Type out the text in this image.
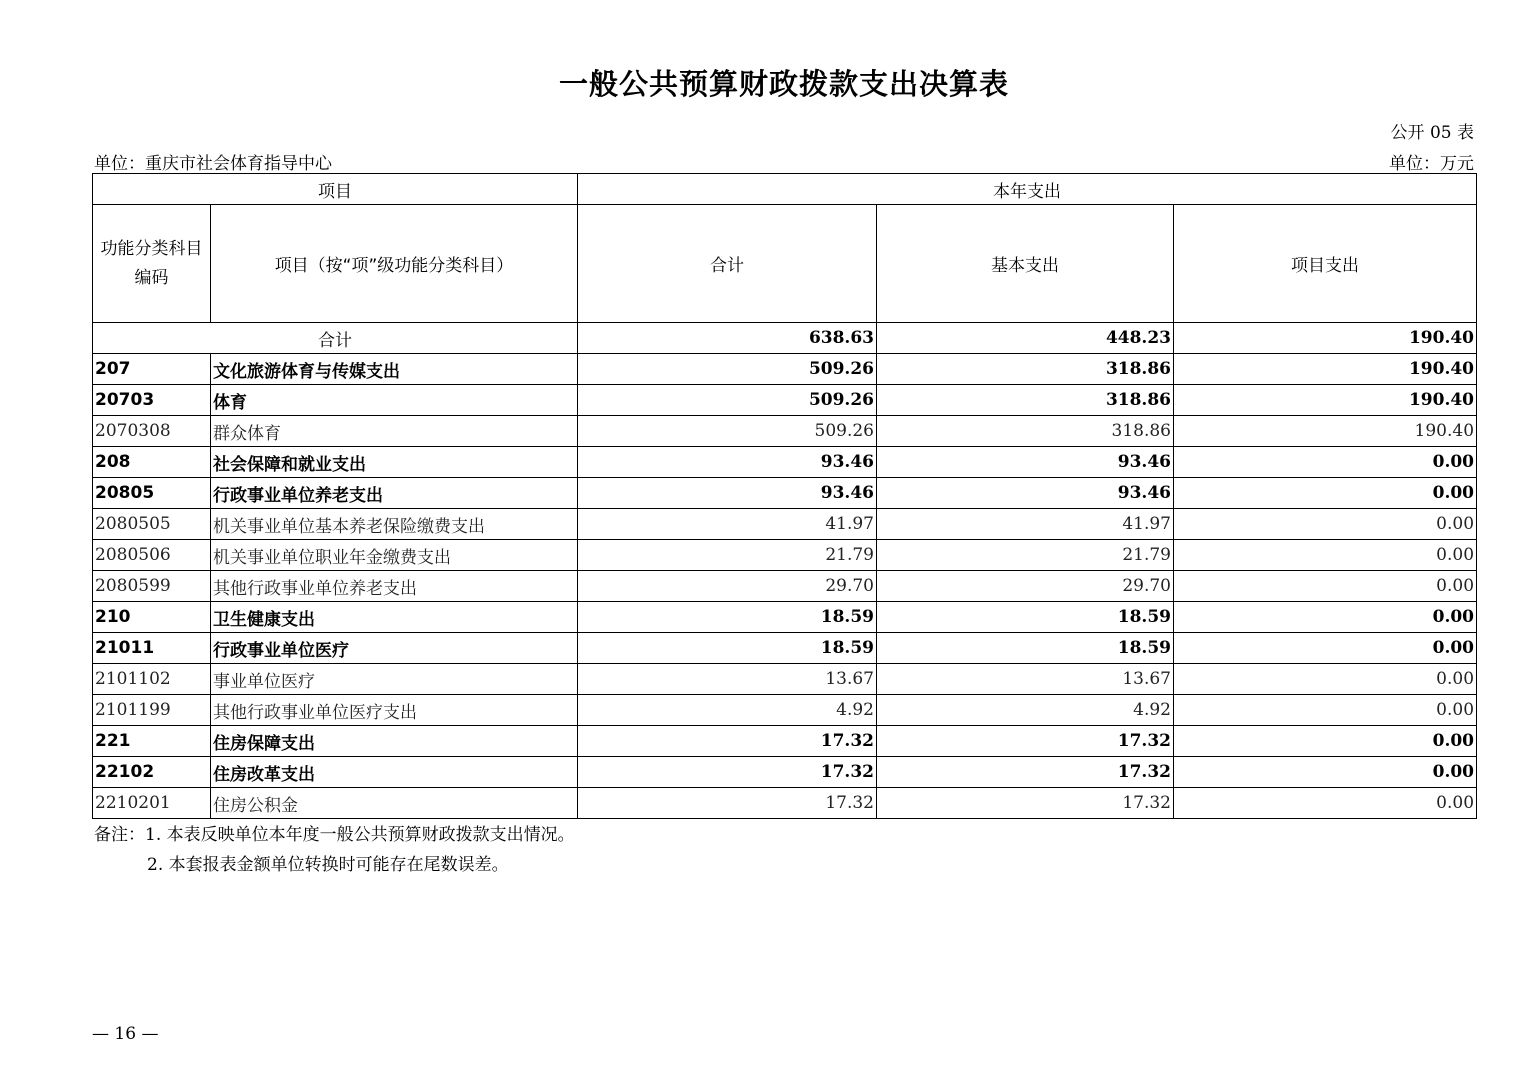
一般公共预算财政拨款支出决算表
公开 05 表
单位：重庆市社会体育指导中心	单位：万元
项目		本年支出		
功能分类科目编码	项目（按“项”级功能分类科目）	合计	基本支出	项目支出
合计		638.63	448.23	190.40
207	文化旅游体育与传媒支出	509.26	318.86	190.40
20703	体育	509.26	318.86	190.40
2070308	群众体育	509.26	318.86	190.40
208	社会保障和就业支出	93.46	93.46	0.00
20805	行政事业单位养老支出	93.46	93.46	0.00
2080505	机关事业单位基本养老保险缴费支出	41.97	41.97	0.00
2080506	机关事业单位职业年金缴费支出	21.79	21.79	0.00
2080599	其他行政事业单位养老支出	29.70	29.70	0.00
210	卫生健康支出	18.59	18.59	0.00
21011	行政事业单位医疗	18.59	18.59	0.00
2101102	事业单位医疗	13.67	13.67	0.00
2101199	其他行政事业单位医疗支出	4.92	4.92	0.00
221	住房保障支出	17.32	17.32	0.00
22102	住房改革支出	17.32	17.32	0.00
2210201	住房公积金	17.32	17.32	0.00
备注：1. 本表反映单位本年度一般公共预算财政拨款支出情况。
2. 本套报表金额单位转换时可能存在尾数误差。
— 16 —
